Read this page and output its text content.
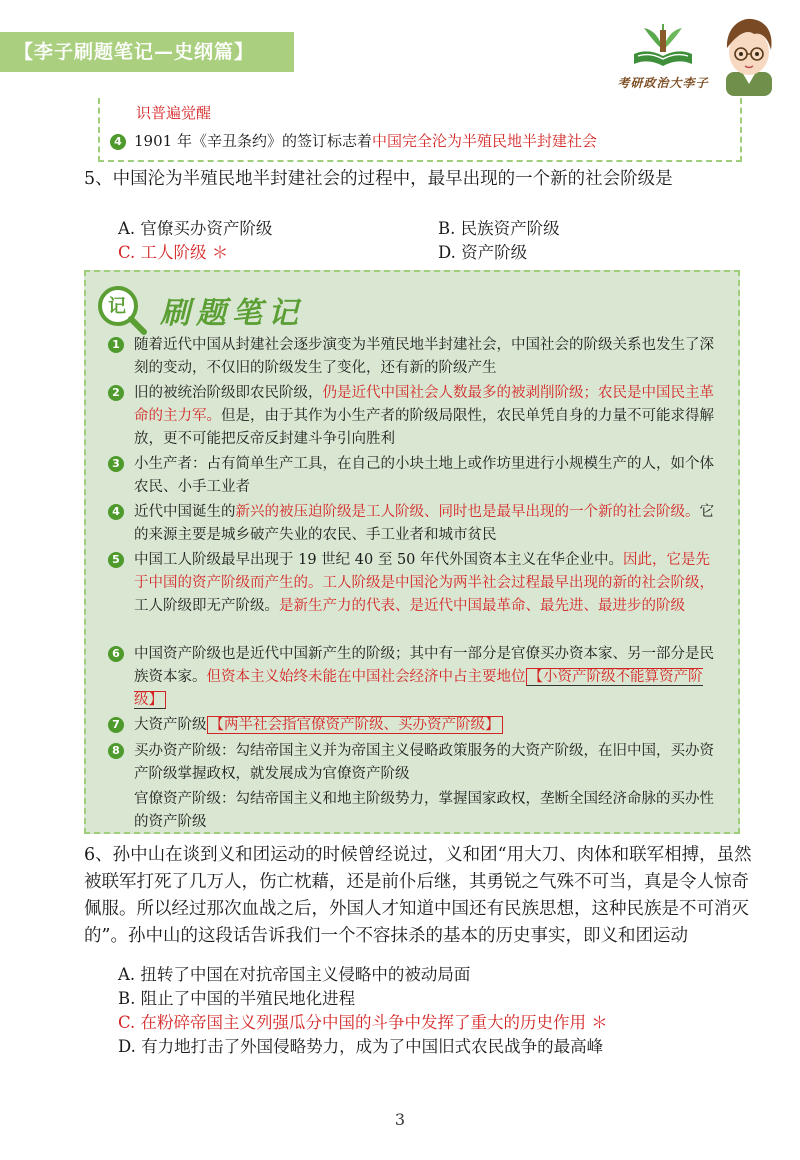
【李子刷题笔记—史纲篇】
考研政治大李子
识普遍觉醒
4 1901 年《辛丑条约》的签订标志着中国完全沦为半殖民地半封建社会
5、中国沦为半殖民地半封建社会的过程中，最早出现的一个新的社会阶级是
A. 官僚买办资产阶级	B. 民族资产阶级
C. 工人阶级 ＊	D. 资产阶级
记 刷题笔记
1 随着近代中国从封建社会逐步演变为半殖民地半封建社会，中国社会的阶级关系也发生了深刻的变动，不仅旧的阶级发生了变化，还有新的阶级产生
2 旧的被统治阶级即农民阶级，仍是近代中国社会人数最多的被剥削阶级；农民是中国民主革命的主力军。但是，由于其作为小生产者的阶级局限性，农民单凭自身的力量不可能求得解放，更不可能把反帝反封建斗争引向胜利
3 小生产者：占有简单生产工具，在自己的小块土地上或作坊里进行小规模生产的人，如个体农民、小手工业者
4 近代中国诞生的新兴的被压迫阶级是工人阶级、同时也是最早出现的一个新的社会阶级。它的来源主要是城乡破产失业的农民、手工业者和城市贫民
5 中国工人阶级最早出现于 19 世纪 40 至 50 年代外国资本主义在华企业中。因此，它是先于中国的资产阶级而产生的。工人阶级是中国沦为两半社会过程最早出现的新的社会阶级，工人阶级即无产阶级。是新生产力的代表、是近代中国最革命、最先进、最进步的阶级
6 中国资产阶级也是近代中国新产生的阶级；其中有一部分是官僚买办资本家、另一部分是民族资本家。但资本主义始终未能在中国社会经济中占主要地位 【小资产阶级不能算资产阶级】
7 大资产阶级 【两半社会指官僚资产阶级、买办资产阶级】
8 买办资产阶级：勾结帝国主义并为帝国主义侵略政策服务的大资产阶级，在旧中国，买办资产阶级掌握政权，就发展成为官僚资产阶级
官僚资产阶级：勾结帝国主义和地主阶级势力，掌握国家政权，垄断全国经济命脉的买办性的资产阶级
6、孙中山在谈到义和团运动的时候曾经说过，义和团“用大刀、肉体和联军相搏，虽然被联军打死了几万人，伤亡枕藉，还是前仆后继，其勇锐之气殊不可当，真是令人惊奇佩服。所以经过那次血战之后，外国人才知道中国还有民族思想，这种民族是不可消灭的”。孙中山的这段话告诉我们一个不容抹杀的基本的历史事实，即义和团运动
A. 扭转了中国在对抗帝国主义侵略中的被动局面
B. 阻止了中国的半殖民地化进程
C. 在粉碎帝国主义列强瓜分中国的斗争中发挥了重大的历史作用 ＊
D. 有力地打击了外国侵略势力，成为了中国旧式农民战争的最高峰
3
